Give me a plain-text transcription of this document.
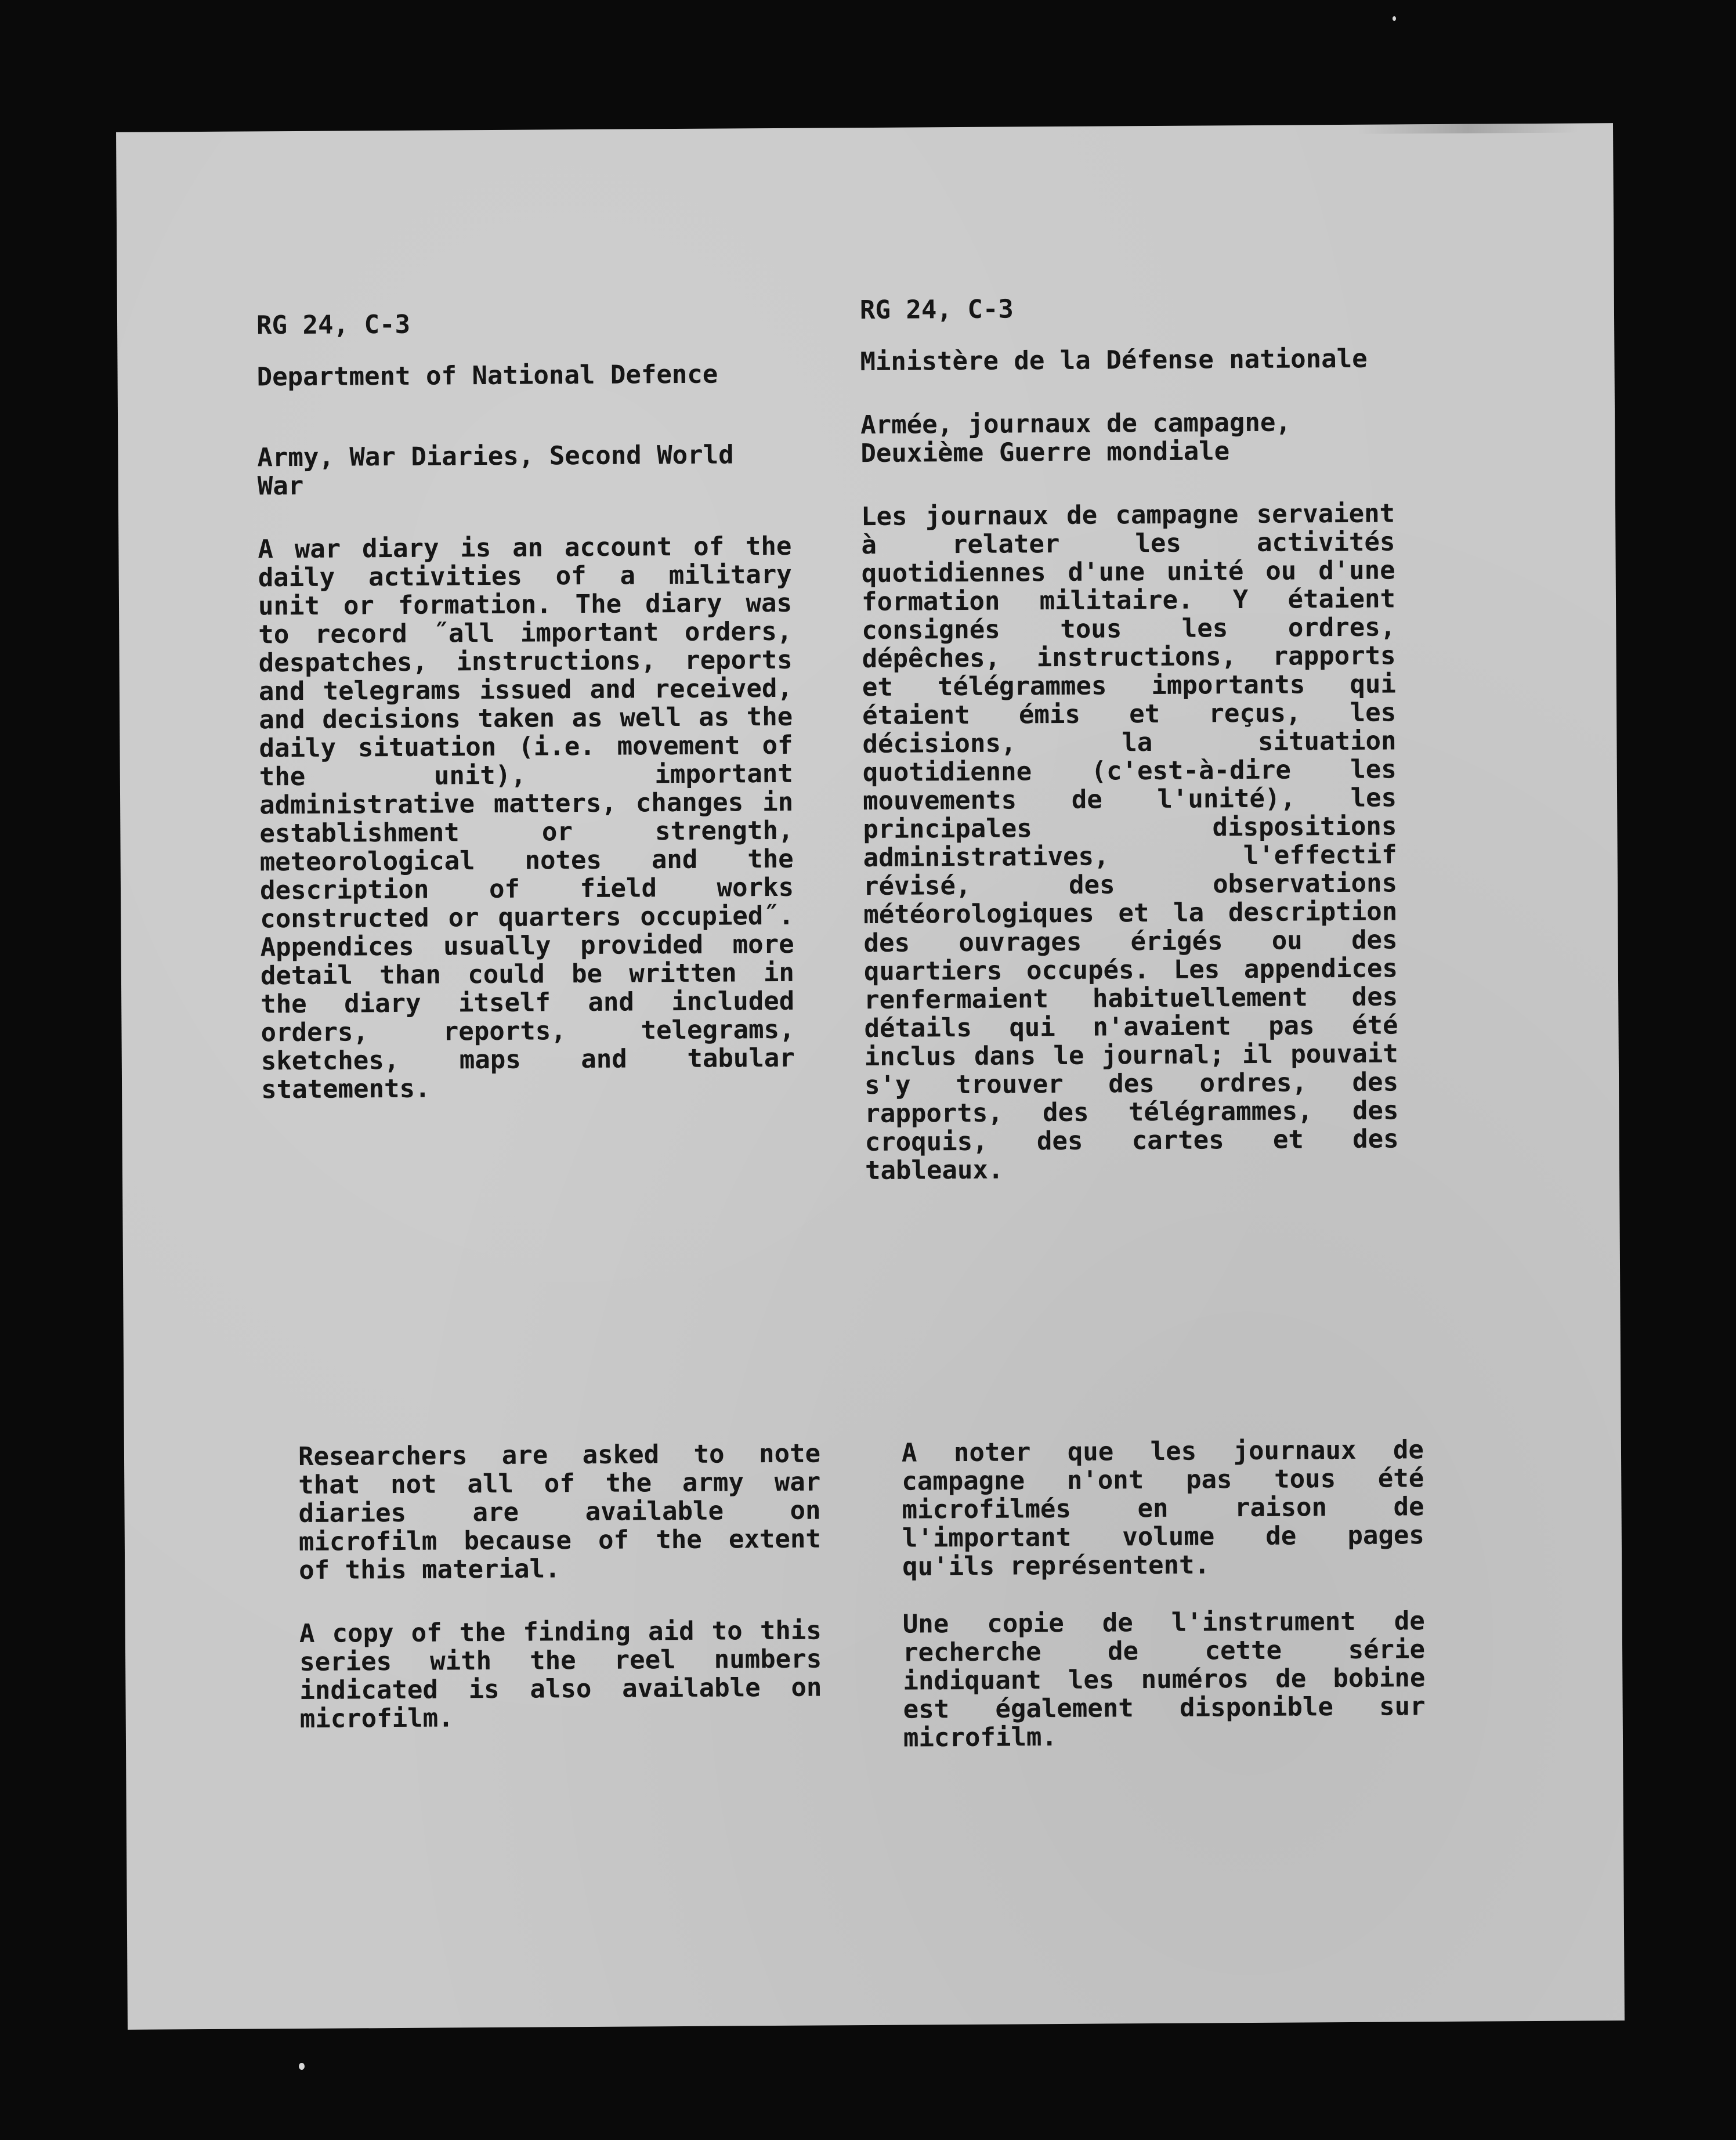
RG 24, C-3

Department of National Defence

Army, War Diaries, Second World War

A war diary is an account of the daily activities of a military unit or formation. The diary was to record ˝all important orders, despatches, instructions, reports and telegrams issued and received, and decisions taken as well as the daily situation (i.e. movement of the unit), important administrative matters, changes in establishment or strength, meteorological notes and the description of field works constructed or quarters occupied˝. Appendices usually provided more detail than could be written in the diary itself and included orders, reports, telegrams, sketches, maps and tabular statements.

Researchers are asked to note that not all of the army war diaries are available on microfilm because of the extent of this material.

A copy of the finding aid to this series with the reel numbers indicated is also available on microfilm.

RG 24, C-3

Ministère de la Défense nationale

Armée, journaux de campagne, Deuxième Guerre mondiale

Les journaux de campagne servaient à relater les activités quotidiennes d'une unité ou d'une formation militaire. Y étaient consignés tous les ordres, dépêches, instructions, rapports et télégrammes importants qui étaient émis et reçus, les décisions, la situation quotidienne (c'est-à-dire les mouvements de l'unité), les principales dispositions administratives, l'effectif révisé, des observations météorologiques et la description des ouvrages érigés ou des quartiers occupés. Les appendices renfermaient habituellement des détails qui n'avaient pas été inclus dans le journal; il pouvait s'y trouver des ordres, des rapports, des télégrammes, des croquis, des cartes et des tableaux.

A noter que les journaux de campagne n'ont pas tous été microfilmés en raison de l'important volume de pages qu'ils représentent.

Une copie de l'instrument de recherche de cette série indiquant les numéros de bobine est également disponible sur microfilm.
